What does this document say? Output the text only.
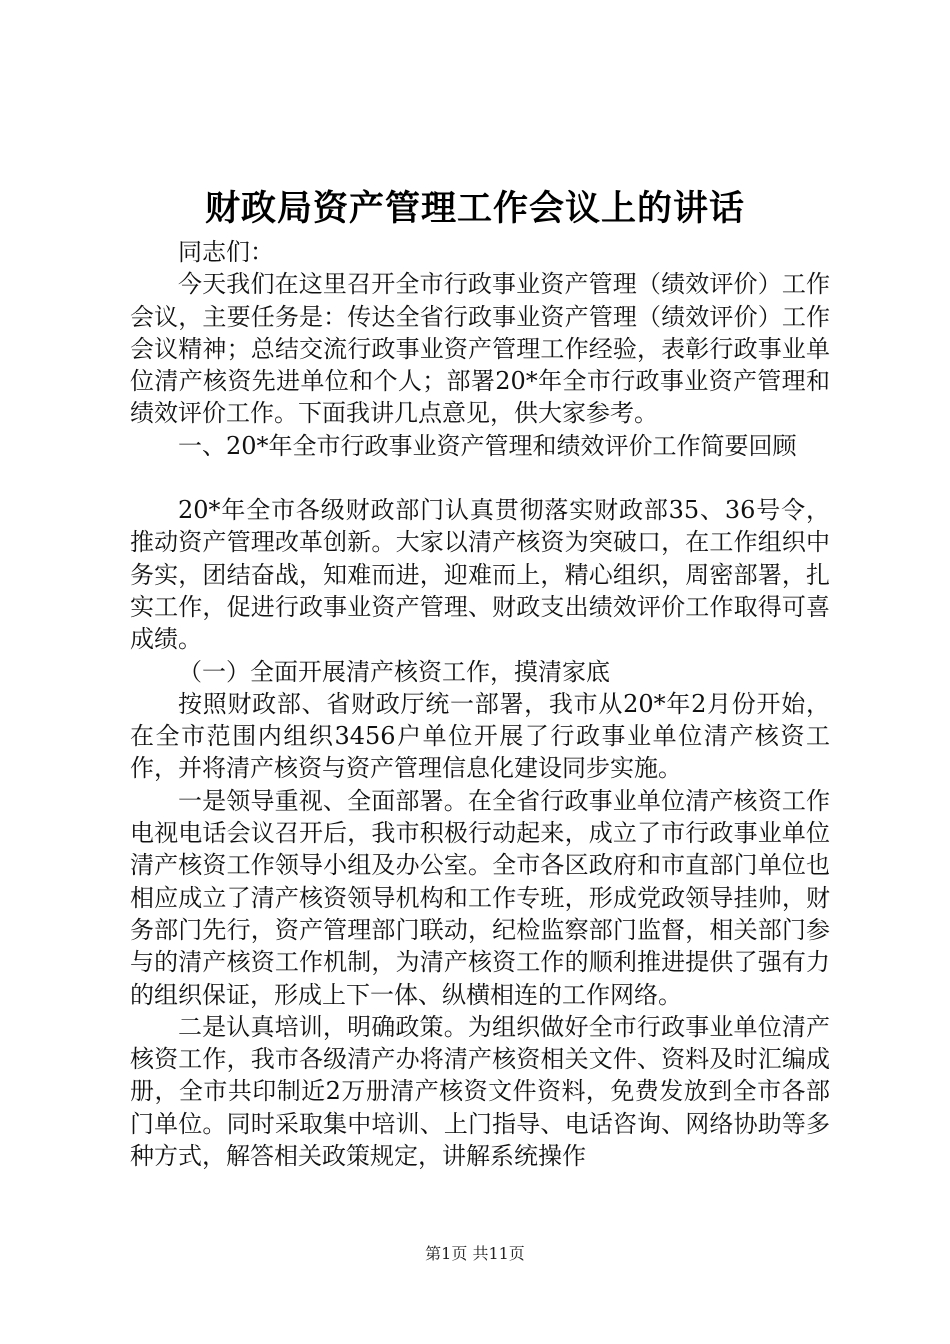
财政局资产管理工作会议上的讲话

同志们：

今天我们在这里召开全市行政事业资产管理（绩效评价）工作会议，主要任务是：传达全省行政事业资产管理（绩效评价）工作会议精神；总结交流行政事业资产管理工作经验，表彰行政事业单位清产核资先进单位和个人；部署20*年全市行政事业资产管理和绩效评价工作。下面我讲几点意见，供大家参考。

一、20*年全市行政事业资产管理和绩效评价工作简要回顾

20*年全市各级财政部门认真贯彻落实财政部35、36号令，推动资产管理改革创新。大家以清产核资为突破口，在工作组织中务实，团结奋战，知难而进，迎难而上，精心组织，周密部署，扎实工作，促进行政事业资产管理、财政支出绩效评价工作取得可喜成绩。

（一）全面开展清产核资工作，摸清家底

按照财政部、省财政厅统一部署，我市从20*年2月份开始，在全市范围内组织3456户单位开展了行政事业单位清产核资工作，并将清产核资与资产管理信息化建设同步实施。

一是领导重视、全面部署。在全省行政事业单位清产核资工作电视电话会议召开后，我市积极行动起来，成立了市行政事业单位清产核资工作领导小组及办公室。全市各区政府和市直部门单位也相应成立了清产核资领导机构和工作专班，形成党政领导挂帅，财务部门先行，资产管理部门联动，纪检监察部门监督，相关部门参与的清产核资工作机制，为清产核资工作的顺利推进提供了强有力的组织保证，形成上下一体、纵横相连的工作网络。

二是认真培训，明确政策。为组织做好全市行政事业单位清产核资工作，我市各级清产办将清产核资相关文件、资料及时汇编成册，全市共印制近2万册清产核资文件资料，免费发放到全市各部门单位。同时采取集中培训、上门指导、电话咨询、网络协助等多种方式，解答相关政策规定，讲解系统操作

第1页 共11页
